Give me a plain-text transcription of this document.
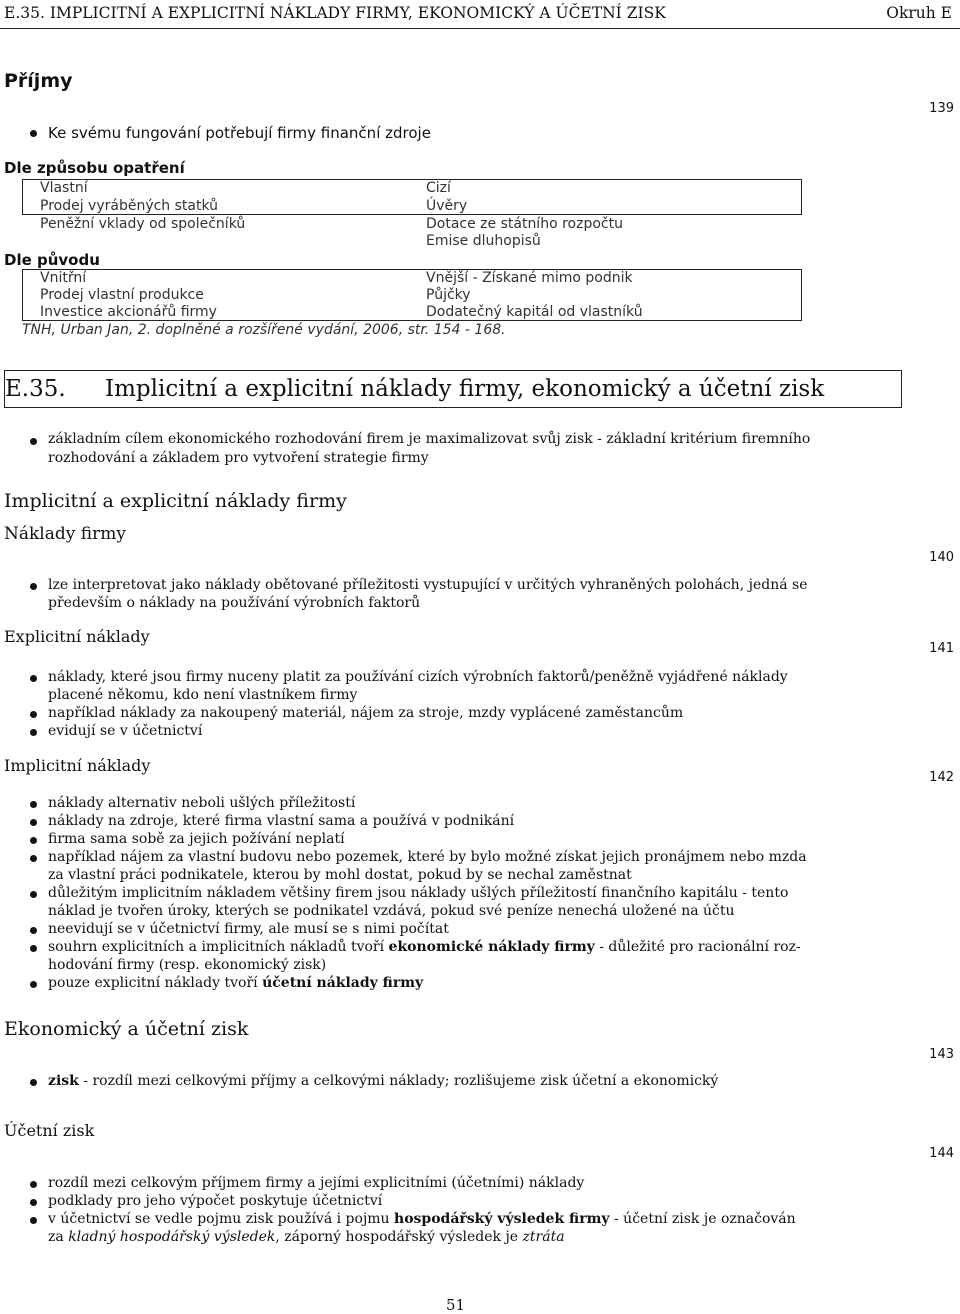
E.35. IMPLICITNÍ A EXPLICITNÍ NÁKLADY FIRMY, EKONOMICKÝ A ÚČETNÍ ZISK	Okruh E
Příjmy
139
Ke svému fungování potřebují firmy finanční zdroje
Dle způsobu opatření
Vlastní
Prodej vyráběných statků
Peněžní vklady od společníků
Cizí
Úvěry
Dotace ze státního rozpočtu
Emise dluhopisů
Dle původu
Vnitřní
Prodej vlastní produkce
Investice akcionářů firmy
Vnější - Získané mimo podnik
Půjčky
Dodatečný kapitál od vlastníků
TNH, Urban Jan, 2. doplněné a rozšířené vydání, 2006, str. 154 - 168.
E.35. Implicitní a explicitní náklady firmy, ekonomický a účetní zisk
základním cílem ekonomického rozhodování firem je maximalizovat svůj zisk - základní kritérium firemního
rozhodování a základem pro vytvoření strategie firmy
Implicitní a explicitní náklady firmy
Náklady firmy
140
lze interpretovat jako náklady obětované příležitosti vystupující v určitých vyhraněných polohách, jedná se
především o náklady na používání výrobních faktorů
Explicitní náklady
141
náklady, které jsou firmy nuceny platit za používání cizích výrobních faktorů/peněžně vyjádřené náklady
placené někomu, kdo není vlastníkem firmy
například náklady za nakoupený materiál, nájem za stroje, mzdy vyplácené zaměstancům
evidují se v účetnictví
Implicitní náklady
142
náklady alternativ neboli ušlých příležitostí
náklady na zdroje, které firma vlastní sama a používá v podnikání
firma sama sobě za jejich požívání neplatí
například nájem za vlastní budovu nebo pozemek, které by bylo možné získat jejich pronájmem nebo mzda
za vlastní práci podnikatele, kterou by mohl dostat, pokud by se nechal zaměstnat
důležitým implicitním nákladem většiny firem jsou náklady ušlých příležitostí finančního kapitálu - tento
náklad je tvořen úroky, kterých se podnikatel vzdává, pokud své peníze nenechá uložené na účtu
neevidují se v účetnictví firmy, ale musí se s nimi počítat
souhrn explicitních a implicitních nákladů tvoří ekonomické náklady firmy - důležité pro racionální roz-
hodování firmy (resp. ekonomický zisk)
pouze explicitní náklady tvoří účetní náklady firmy
Ekonomický a účetní zisk
143
zisk - rozdíl mezi celkovými příjmy a celkovými náklady; rozlišujeme zisk účetní a ekonomický
Účetní zisk
144
rozdíl mezi celkovým příjmem firmy a jejími explicitními (účetními) náklady
podklady pro jeho výpočet poskytuje účetnictví
v účetnictví se vedle pojmu zisk používá i pojmu hospodářský výsledek firmy - účetní zisk je označován
za kladný hospodářský výsledek, záporný hospodářský výsledek je ztráta
51
